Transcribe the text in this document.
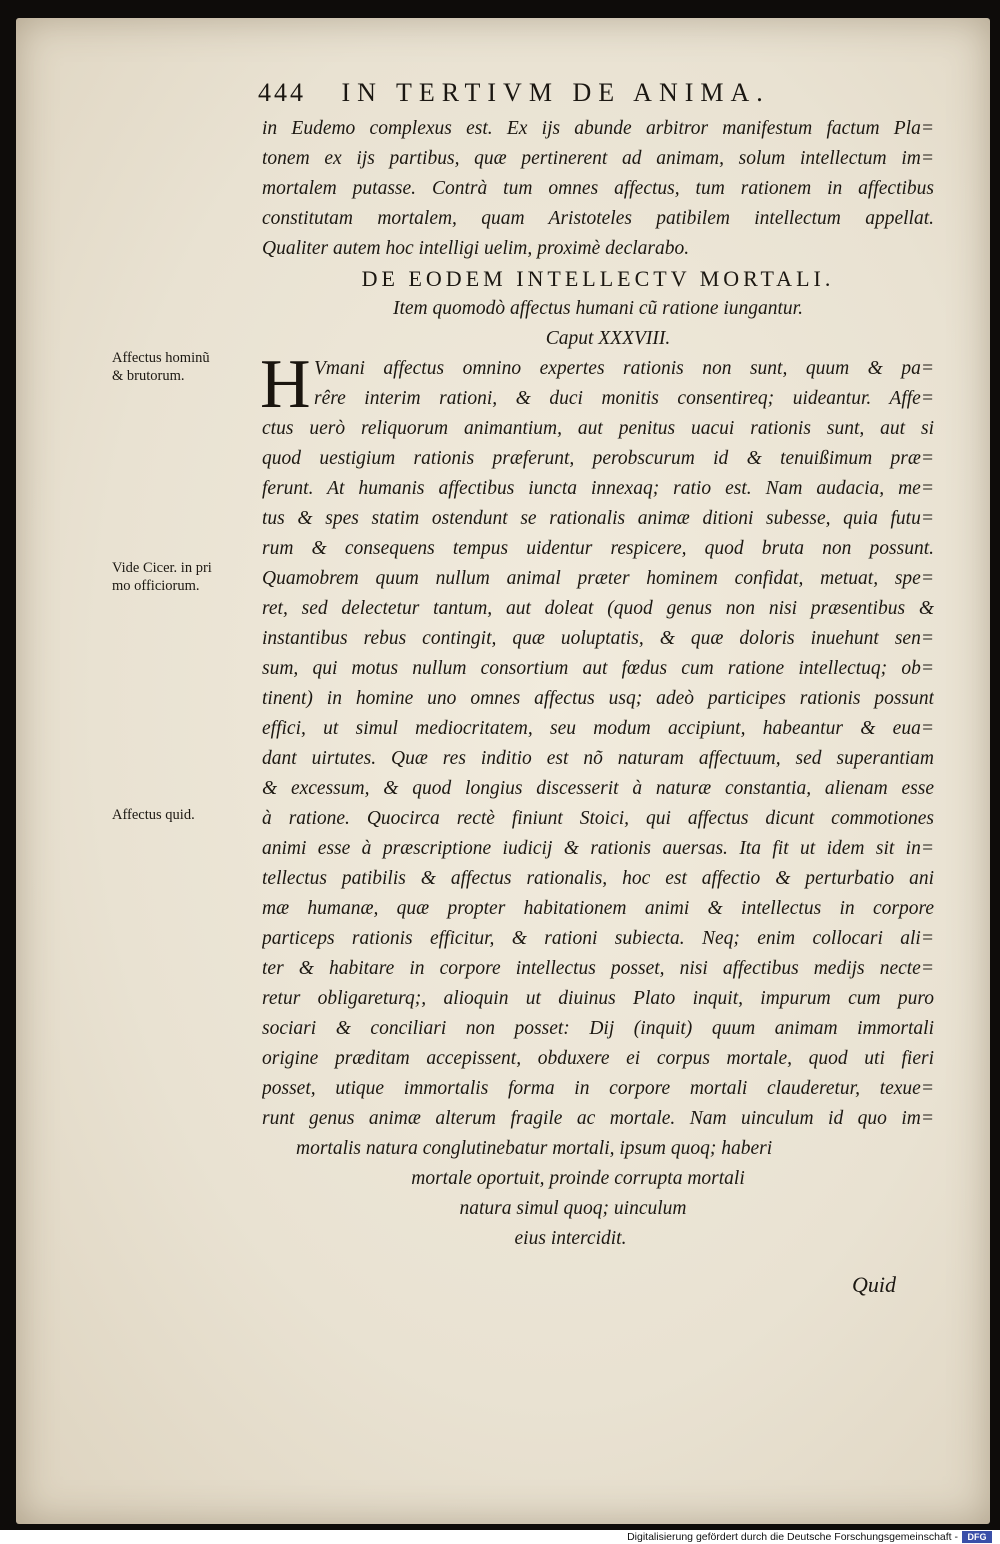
444 IN TERTIVM DE ANIMA.
Affectus hominũ
& brutorum.
Vide Cicer. in pri
mo officiorum.
Affectus quid.
in Eudemo complexus est. Ex ijs abunde arbitror manifestum factum Pla=
tonem ex ijs partibus, quæ pertinerent ad animam, solum intellectum im=
mortalem putasse. Contrà tum omnes affectus, tum rationem in affectibus
constitutam mortalem, quam Aristoteles patibilem intellectum appellat.
Qualiter autem hoc intelligi uelim, proximè declarabo.
DE EODEM INTELLECTV MORTALI.
Item quomodò affectus humani cũ ratione iungantur.
Caput XXXVIII.
H Vmani affectus omnino expertes rationis non sunt, quum & pa=
rêre interim rationi, & duci monitis consentireq; uideantur. Affe=
ctus uerò reliquorum animantium, aut penitus uacui rationis sunt, aut si
quod uestigium rationis præferunt, perobscurum id & tenuißimum præ=
ferunt. At humanis affectibus iuncta innexaq; ratio est. Nam audacia, me=
tus & spes statim ostendunt se rationalis animæ ditioni subesse, quia futu=
rum & consequens tempus uidentur respicere, quod bruta non possunt.
Quamobrem quum nullum animal præter hominem confidat, metuat, spe=
ret, sed delectetur tantum, aut doleat (quod genus non nisi præsentibus &
instantibus rebus contingit, quæ uoluptatis, & quæ doloris inuehunt sen=
sum, qui motus nullum consortium aut fœdus cum ratione intellectuq; ob=
tinent) in homine uno omnes affectus usq; adeò participes rationis possunt
effici, ut simul mediocritatem, seu modum accipiunt, habeantur & eua=
dant uirtutes. Quæ res inditio est nõ naturam affectuum, sed superantiam
& excessum, & quod longius discesserit à naturæ constantia, alienam esse
à ratione. Quocirca rectè finiunt Stoici, qui affectus dicunt commotiones
animi esse à præscriptione iudicij & rationis auersas. Ita fit ut idem sit in=
tellectus patibilis & affectus rationalis, hoc est affectio & perturbatio ani
mæ humanæ, quæ propter habitationem animi & intellectus in corpore
particeps rationis efficitur, & rationi subiecta. Neq; enim collocari ali=
ter & habitare in corpore intellectus posset, nisi affectibus medijs necte=
retur obligareturq;, alioquin ut diuinus Plato inquit, impurum cum puro
sociari & conciliari non posset: Dij (inquit) quum animam immortali
origine præditam accepissent, obduxere ei corpus mortale, quod uti fieri
posset, utique immortalis forma in corpore mortali clauderetur, texue=
runt genus animæ alterum fragile ac mortale. Nam uinculum id quo im=
mortalis natura conglutinebatur mortali, ipsum quoq; haberi
mortale oportuit, proinde corrupta mortali
natura simul quoq; uinculum
eius intercidit.
Quid
Digitalisierung gefördert durch die Deutsche Forschungsgemeinschaft -	DFG
